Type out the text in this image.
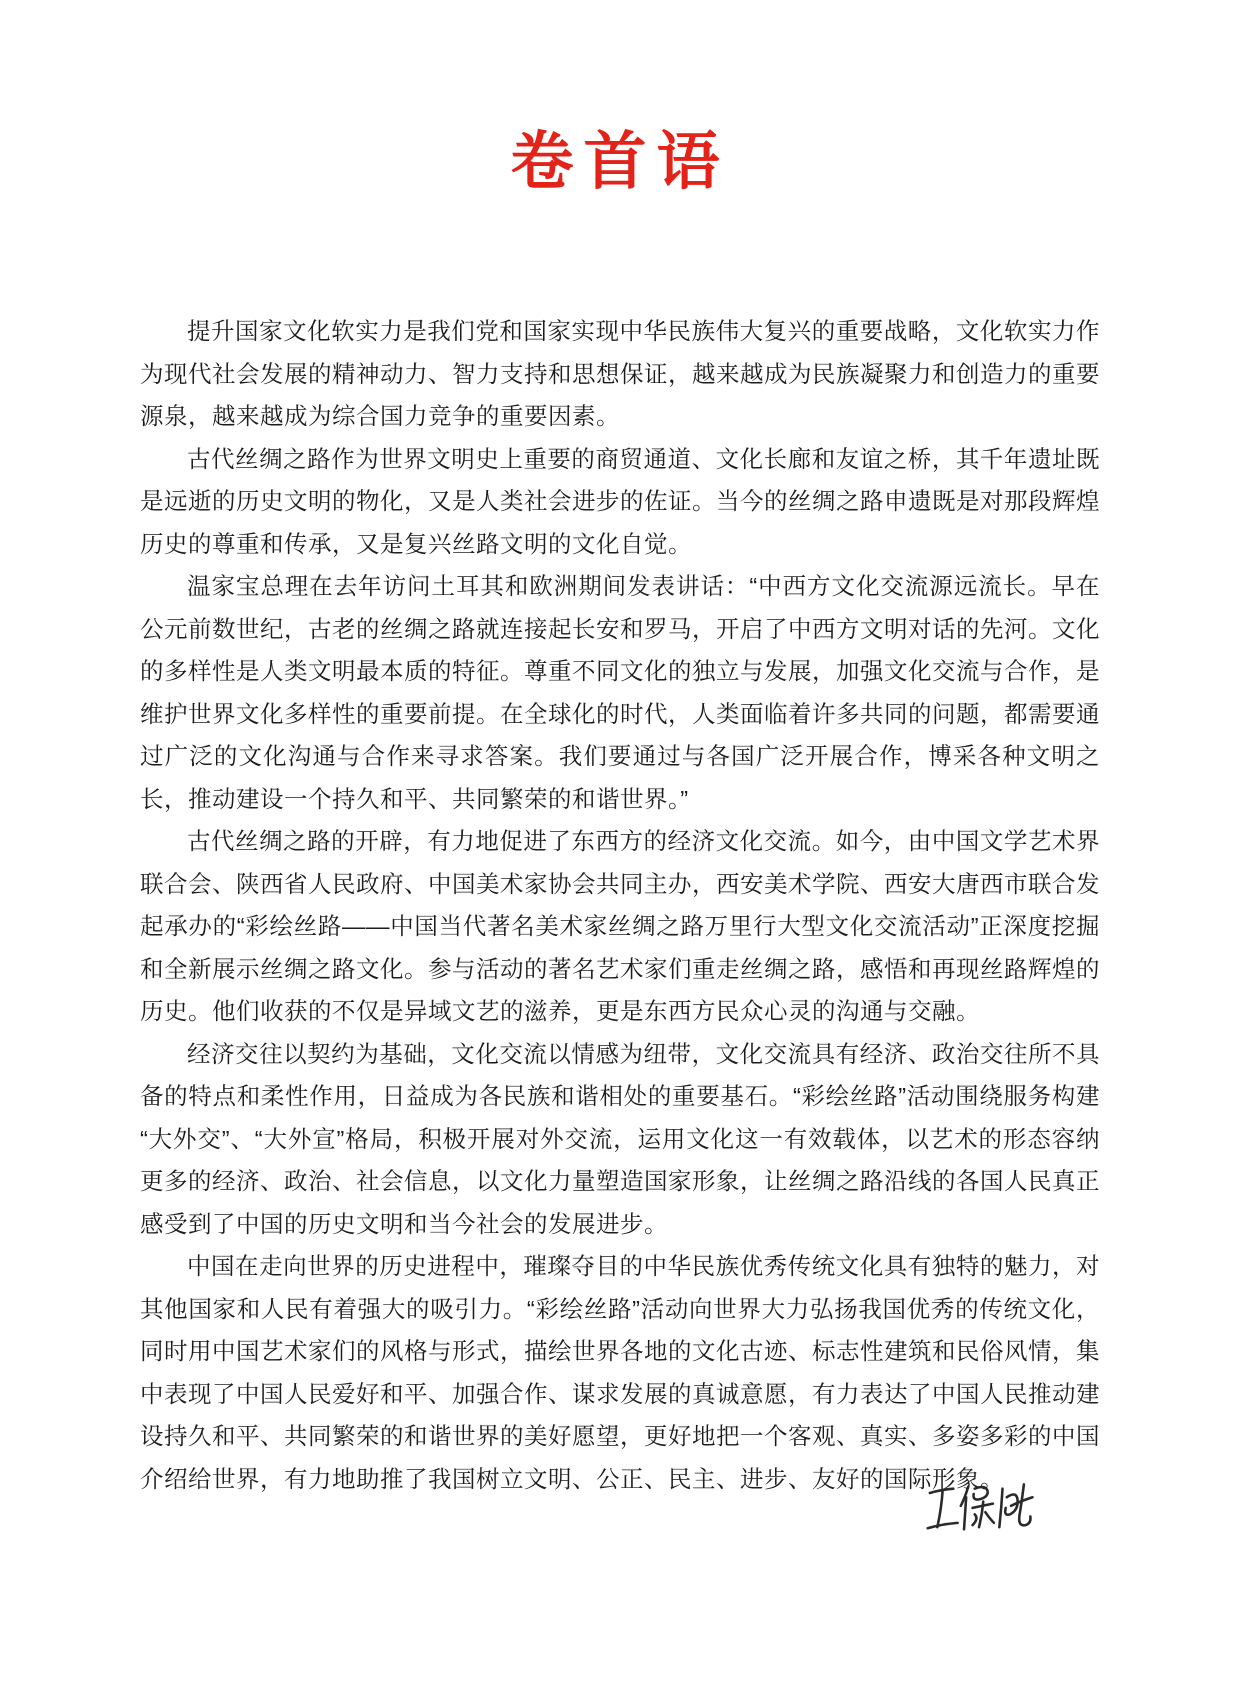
卷首语

提升国家文化软实力是我们党和国家实现中华民族伟大复兴的重要战略，文化软实力作为现代社会发展的精神动力、智力支持和思想保证，越来越成为民族凝聚力和创造力的重要源泉，越来越成为综合国力竞争的重要因素。

古代丝绸之路作为世界文明史上重要的商贸通道、文化长廊和友谊之桥，其千年遗址既是远逝的历史文明的物化，又是人类社会进步的佐证。当今的丝绸之路申遗既是对那段辉煌历史的尊重和传承，又是复兴丝路文明的文化自觉。

温家宝总理在去年访问土耳其和欧洲期间发表讲话：“中西方文化交流源远流长。早在公元前数世纪，古老的丝绸之路就连接起长安和罗马，开启了中西方文明对话的先河。文化的多样性是人类文明最本质的特征。尊重不同文化的独立与发展，加强文化交流与合作，是维护世界文化多样性的重要前提。在全球化的时代，人类面临着许多共同的问题，都需要通过广泛的文化沟通与合作来寻求答案。我们要通过与各国广泛开展合作，博采各种文明之长，推动建设一个持久和平、共同繁荣的和谐世界。”

古代丝绸之路的开辟，有力地促进了东西方的经济文化交流。如今，由中国文学艺术界联合会、陕西省人民政府、中国美术家协会共同主办，西安美术学院、西安大唐西市联合发起承办的“彩绘丝路——中国当代著名美术家丝绸之路万里行大型文化交流活动”正深度挖掘和全新展示丝绸之路文化。参与活动的著名艺术家们重走丝绸之路，感悟和再现丝路辉煌的历史。他们收获的不仅是异域文艺的滋养，更是东西方民众心灵的沟通与交融。

经济交往以契约为基础，文化交流以情感为纽带，文化交流具有经济、政治交往所不具备的特点和柔性作用，日益成为各民族和谐相处的重要基石。“彩绘丝路”活动围绕服务构建“大外交”、“大外宣”格局，积极开展对外交流，运用文化这一有效载体，以艺术的形态容纳更多的经济、政治、社会信息，以文化力量塑造国家形象，让丝绸之路沿线的各国人民真正感受到了中国的历史文明和当今社会的发展进步。

中国在走向世界的历史进程中，璀璨夺目的中华民族优秀传统文化具有独特的魅力，对其他国家和人民有着强大的吸引力。“彩绘丝路”活动向世界大力弘扬我国优秀的传统文化，同时用中国艺术家们的风格与形式，描绘世界各地的文化古迹、标志性建筑和民俗风情，集中表现了中国人民爱好和平、加强合作、谋求发展的真诚意愿，有力表达了中国人民推动建设持久和平、共同繁荣的和谐世界的美好愿望，更好地把一个客观、真实、多姿多彩的中国介绍给世界，有力地助推了我国树立文明、公正、民主、进步、友好的国际形象。
